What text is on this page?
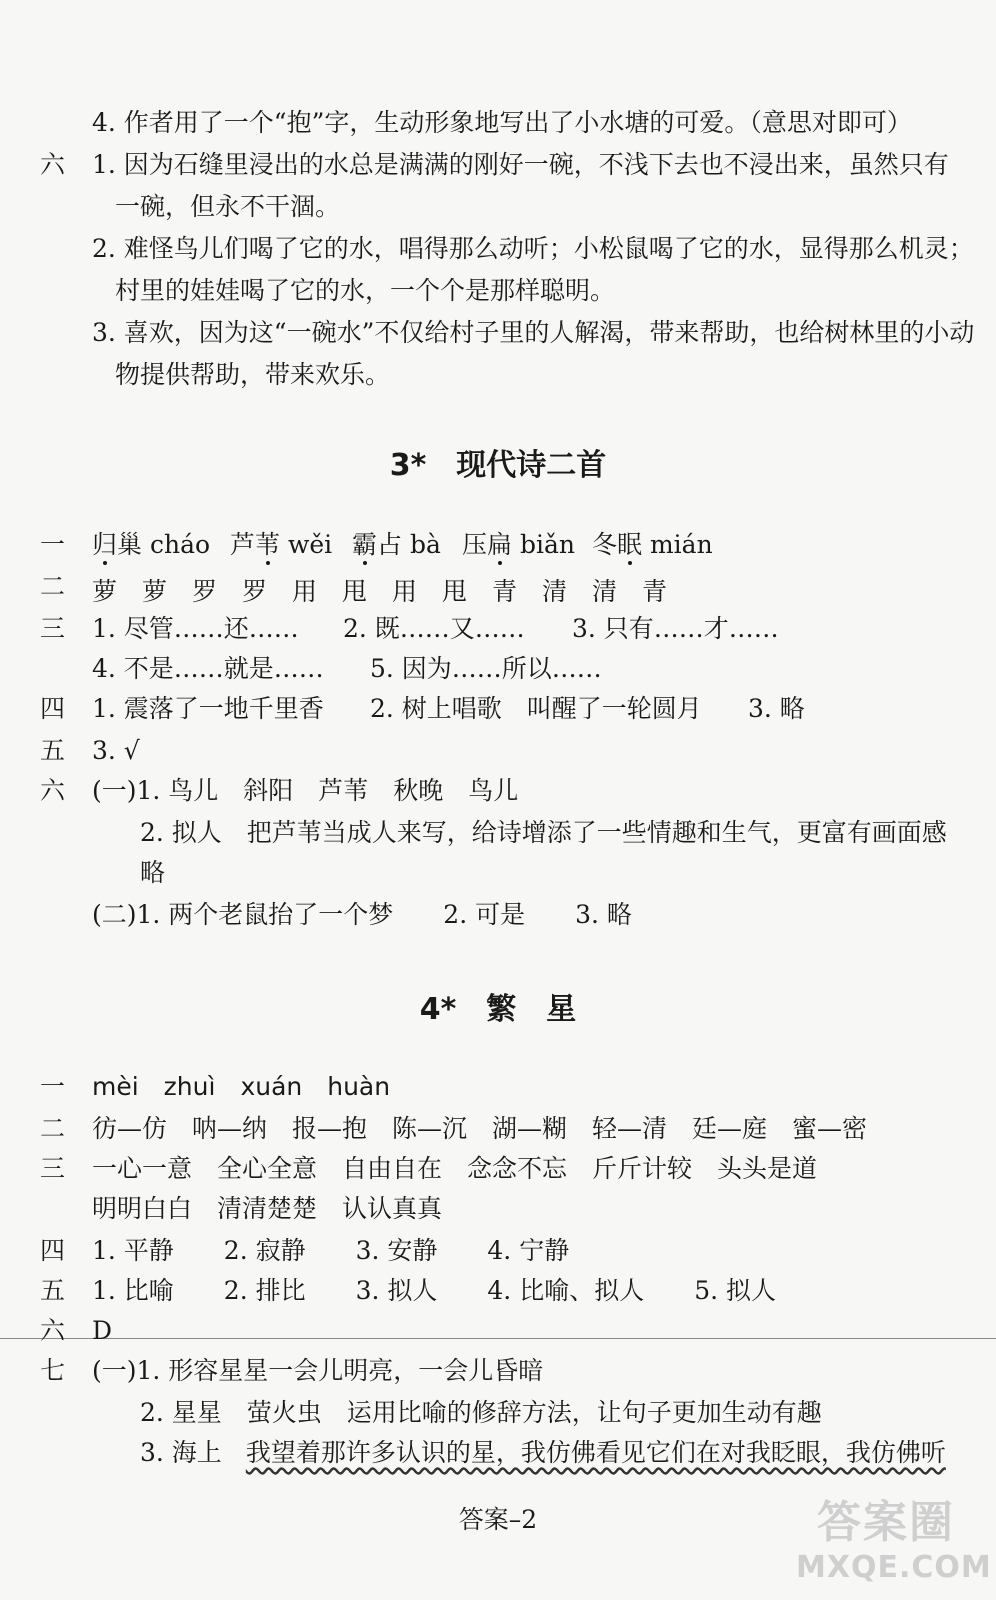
4. 作者用了一个“抱”字，生动形象地写出了小水塘的可爱。（意思对即可）
六 1. 因为石缝里浸出的水总是满满的刚好一碗，不浅下去也不浸出来，虽然只有
一碗，但永不干涸。
2. 难怪鸟儿们喝了它的水，唱得那么动听；小松鼠喝了它的水，显得那么机灵；
村里的娃娃喝了它的水，一个个是那样聪明。
3. 喜欢，因为这“一碗水”不仅给村子里的人解渴，带来帮助，也给树林里的小动
物提供帮助，带来欢乐。
3*　现代诗二首
一 归巢 cháo 芦苇 wěi 霸占 bà 压扁 biǎn 冬眠 mián
二 萝 萝 罗 罗 用 甩 用 甩 青 清 清 青
三 1. 尽管……还…… 2. 既……又…… 3. 只有……才……
4. 不是……就是…… 5. 因为……所以……
四 1. 震落了一地千里香 2. 树上唱歌　叫醒了一轮圆月 3. 略
五 3. √
六 (一)1. 鸟儿　斜阳　芦苇　秋晚　鸟儿
2. 拟人　把芦苇当成人来写，给诗增添了一些情趣和生气，更富有画面感
略
(二)1. 两个老鼠抬了一个梦　　2. 可是　　3. 略
4*　繁　星
一 mèi　zhuì　xuán　huàn
二 彷—仿　呐—纳　报—抱　陈—沉　湖—糊　轻—清　廷—庭　蜜—密
三 一心一意　全心全意　自由自在　念念不忘　斤斤计较　头头是道
明明白白　清清楚楚　认认真真
四 1. 平静　　2. 寂静　　3. 安静　　4. 宁静
五 1. 比喻　　2. 排比　　3. 拟人　　4. 比喻、拟人　　5. 拟人
六 D
七 (一)1. 形容星星一会儿明亮，一会儿昏暗
2. 星星　萤火虫　运用比喻的修辞方法，让句子更加生动有趣
3. 海上 我望着那许多认识的星，我仿佛看见它们在对我眨眼，我仿佛听
答案–2	答案圈
MXQE.COM
